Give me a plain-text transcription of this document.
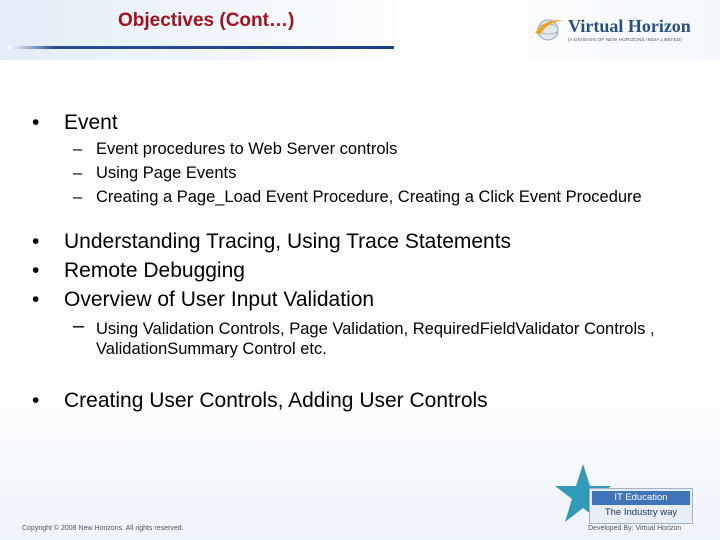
Objectives (Cont…)	Virtual Horizon
(A DIVISION OF NEW HORIZONS INDIA LIMITED)
• Event
– Event procedures to Web Server controls
– Using Page Events
– Creating a Page_Load Event Procedure, Creating a Click Event Procedure
• Understanding Tracing, Using Trace Statements
• Remote Debugging
• Overview of User Input Validation
– Using Validation Controls, Page Validation, RequiredFieldValidator Controls , ValidationSummary Control etc.
• Creating User Controls, Adding User Controls
IT Education
The Industry way
Copyright © 2008 New Horizons. All rights reserved.	Developed By: Virtual Horizon
